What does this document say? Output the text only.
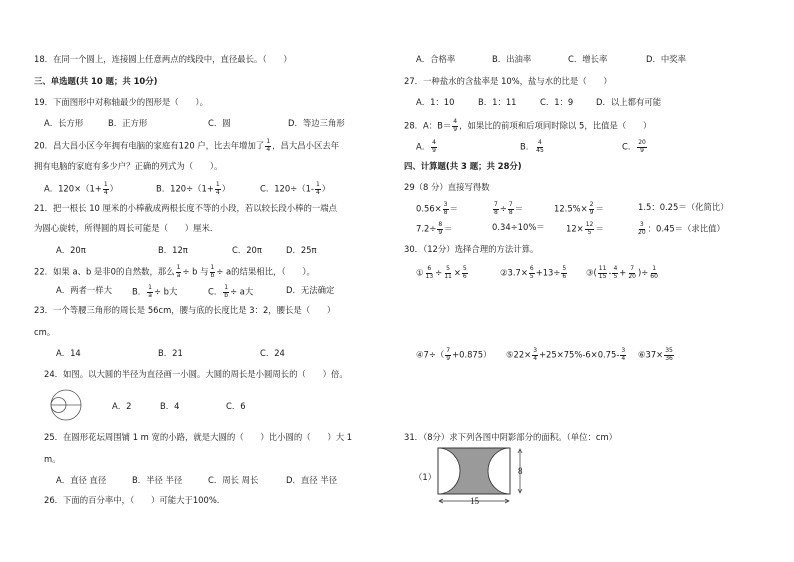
18．在同一个圆上，连接圆上任意两点的线段中，直径最长。（　　）
三、单选题(共 10 题；共 10分)
19．下面图形中对称轴最少的图形是（　　）。
A．长方形	B．正方形	C．圆	D．等边三角形
20．昌大昌小区今年拥有电脑的家庭有120 户，比去年增加了 $\frac{1}{4}$ ，昌大昌小区去年
拥有电脑的家庭有多少户？正确的列式为（　　）。
A．$120\times(1+ \frac{1}{4}$ ）	B．$120\div(1+ \frac{1}{4}$ ）	C．$120\div(1- \frac{1}{4}$ ）
21．把一根长 10 厘米的小棒截成两根长度不等的小段，若以较长段小棒的一端点
为圆心旋转，所得圆的周长可能是（　　）厘米．
A．20π	B．12π	C．20π	D．25π
22．如果 a、b 是非0的自然数，那么 $\frac{1}{a} \div b$ 与 $\frac{1}{b} \div a$的结果相比，（　　）。
A．两者一样大 B． $\frac{1}{a} \div b$大	C． $\frac{1}{b} \div a$大	D．无法确定
23．一个等腰三角形的周长是 56cm，腰与底的长度比是 3：2，腰长是（　　）
cm。
A．14	B．21	C．24
24．如图。以大圆的半径为直径画一小圆。大圆的周长是小圆周长的（　　）倍。
A．2	B．4	C．6
25．在圆形花坛周围铺 1 m 宽的小路，就是大圆的（　　）比小圆的（　　）大 1
m。
A．直径 直径	B．半径 半径	C．周长 周长	D．直径 半径
26．下面的百分率中，（　　）可能大于100%．
A．合格率	B．出油率	C．增长率	D．中奖率
27．一种盐水的含盐率是 10%，盐与水的比是（　　）
A．1：10	B．1：11	C．1：9	D．以上都有可能
28．A：$B= \frac{4}{9}$ ，如果比的前项和后项同时除以 5，比值是（　　）
A． $\frac{4}{9}$	B． $\frac{4}{45}$	C． $\frac{20}{9}$
四、计算题(共 3 题；共 28分)
29（8 分）直接写得数
$0.56\times \frac{3}{8}$ ＝	$\frac{7}{8} \div \frac{7}{8}$ ＝	$12.5\%\times \frac{2}{9}$ ＝	1.5：0.25＝（化简比）
$7.2\div \frac{8}{9}$ ＝	0.34÷10%＝	$12\times \frac{12}{5}$ ＝	$\frac{3}{20}$ ：0.45＝（求比值）
30．（12分）选择合理的方法计算。
① $\frac{6}{13} \div \frac{5}{11} \times \frac{5}{6}$	②3.7× $\frac{6}{5} +13\div \frac{5}{6}$ ③( $\frac{11}{15} - \frac{4}{5} + \frac{7}{20}$ )÷ $\frac{1}{60}$
④7÷（ $\frac{7}{9} +0.875$） ⑤22× $\frac{3}{4} +25\times 75\%-6\times 0.75- \frac{3}{4}$ ⑥37× $\frac{35}{36}$
31．（8分）求下列各图中阴影部分的面积。（单位：cm）
（1）
8
15
